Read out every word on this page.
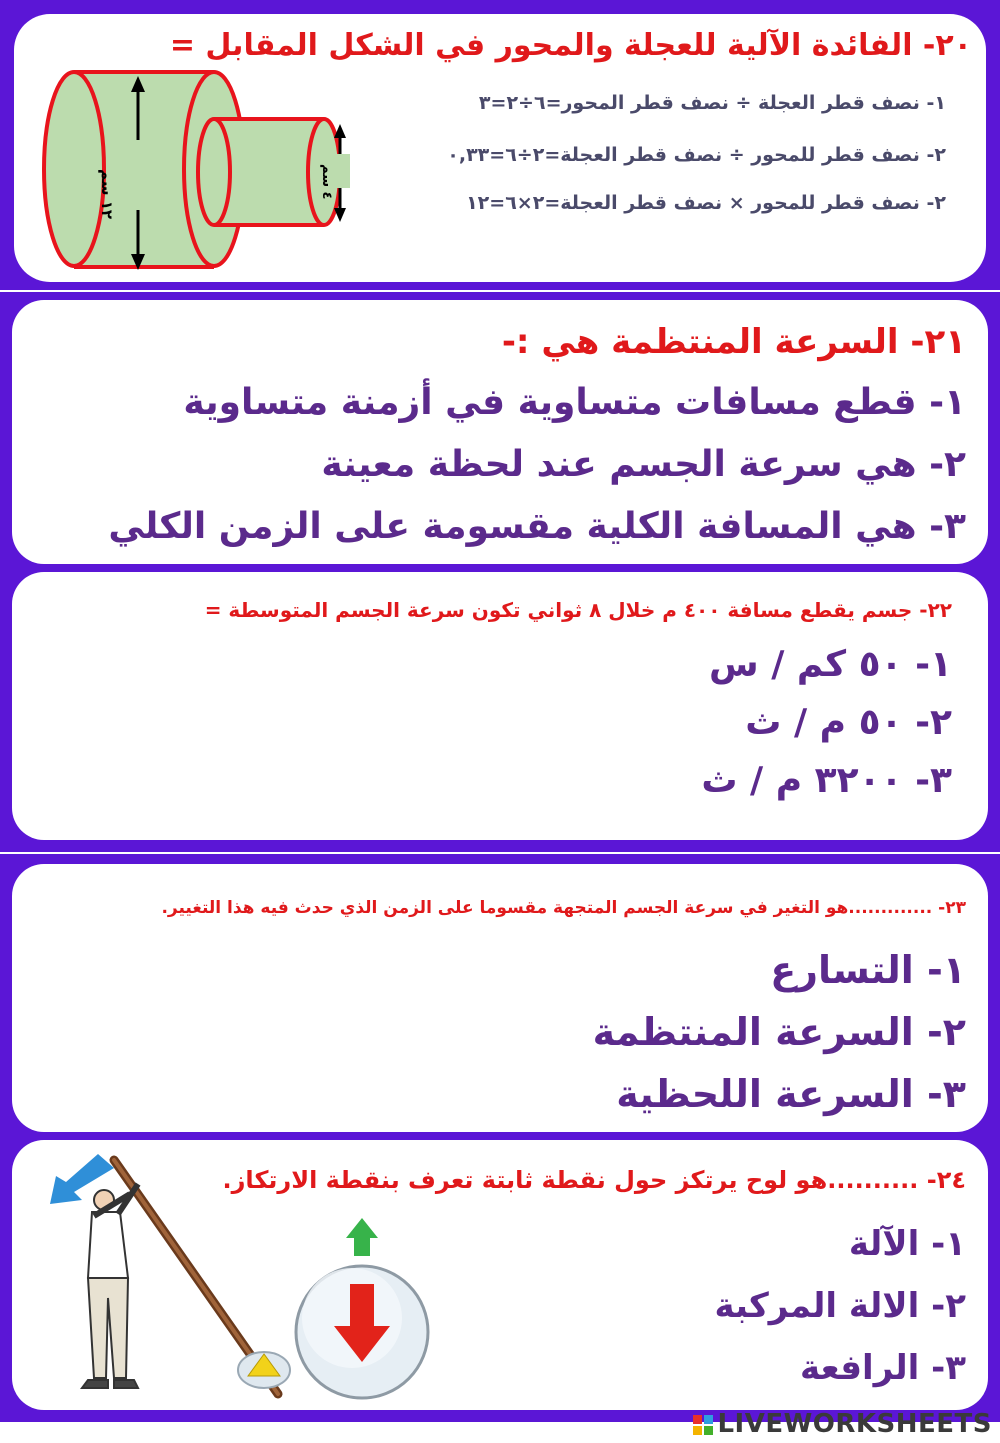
٢٠- الفائدة الآلية للعجلة والمحور في الشكل المقابل =
١٢ سم
٤ سم
١- نصف قطر العجلة ÷ نصف قطر المحور=٦÷٢=٣
٢- نصف قطر للمحور ÷ نصف قطر العجلة=٢÷٦=٠,٣٣
٢- نصف قطر للمحور × نصف قطر العجلة=٢×٦=١٢
٢١- السرعة المنتظمة هي :-
١- قطع مسافات متساوية في أزمنة متساوية
٢- هي سرعة الجسم عند لحظة معينة
٣- هي المسافة الكلية مقسومة على الزمن الكلي
٢٢- جسم يقطع مسافة ٤٠٠ م خلال ٨ ثواني تكون سرعة الجسم المتوسطة =
١- ٥٠ كم / س
٢- ٥٠ م / ث
٣- ٣٢٠٠ م / ث
٢٣- .............هو التغير في سرعة الجسم المتجهة مقسوما على الزمن الذي حدث فيه هذا التغيير.
١- التسارع
٢- السرعة المنتظمة
٣- السرعة اللحظية
٢٤- ..........هو لوح يرتكز حول نقطة ثابتة تعرف بنقطة الارتكاز.
١- الآلة
٢- الالة المركبة
٣- الرافعة
LIVEWORKSHEETS
